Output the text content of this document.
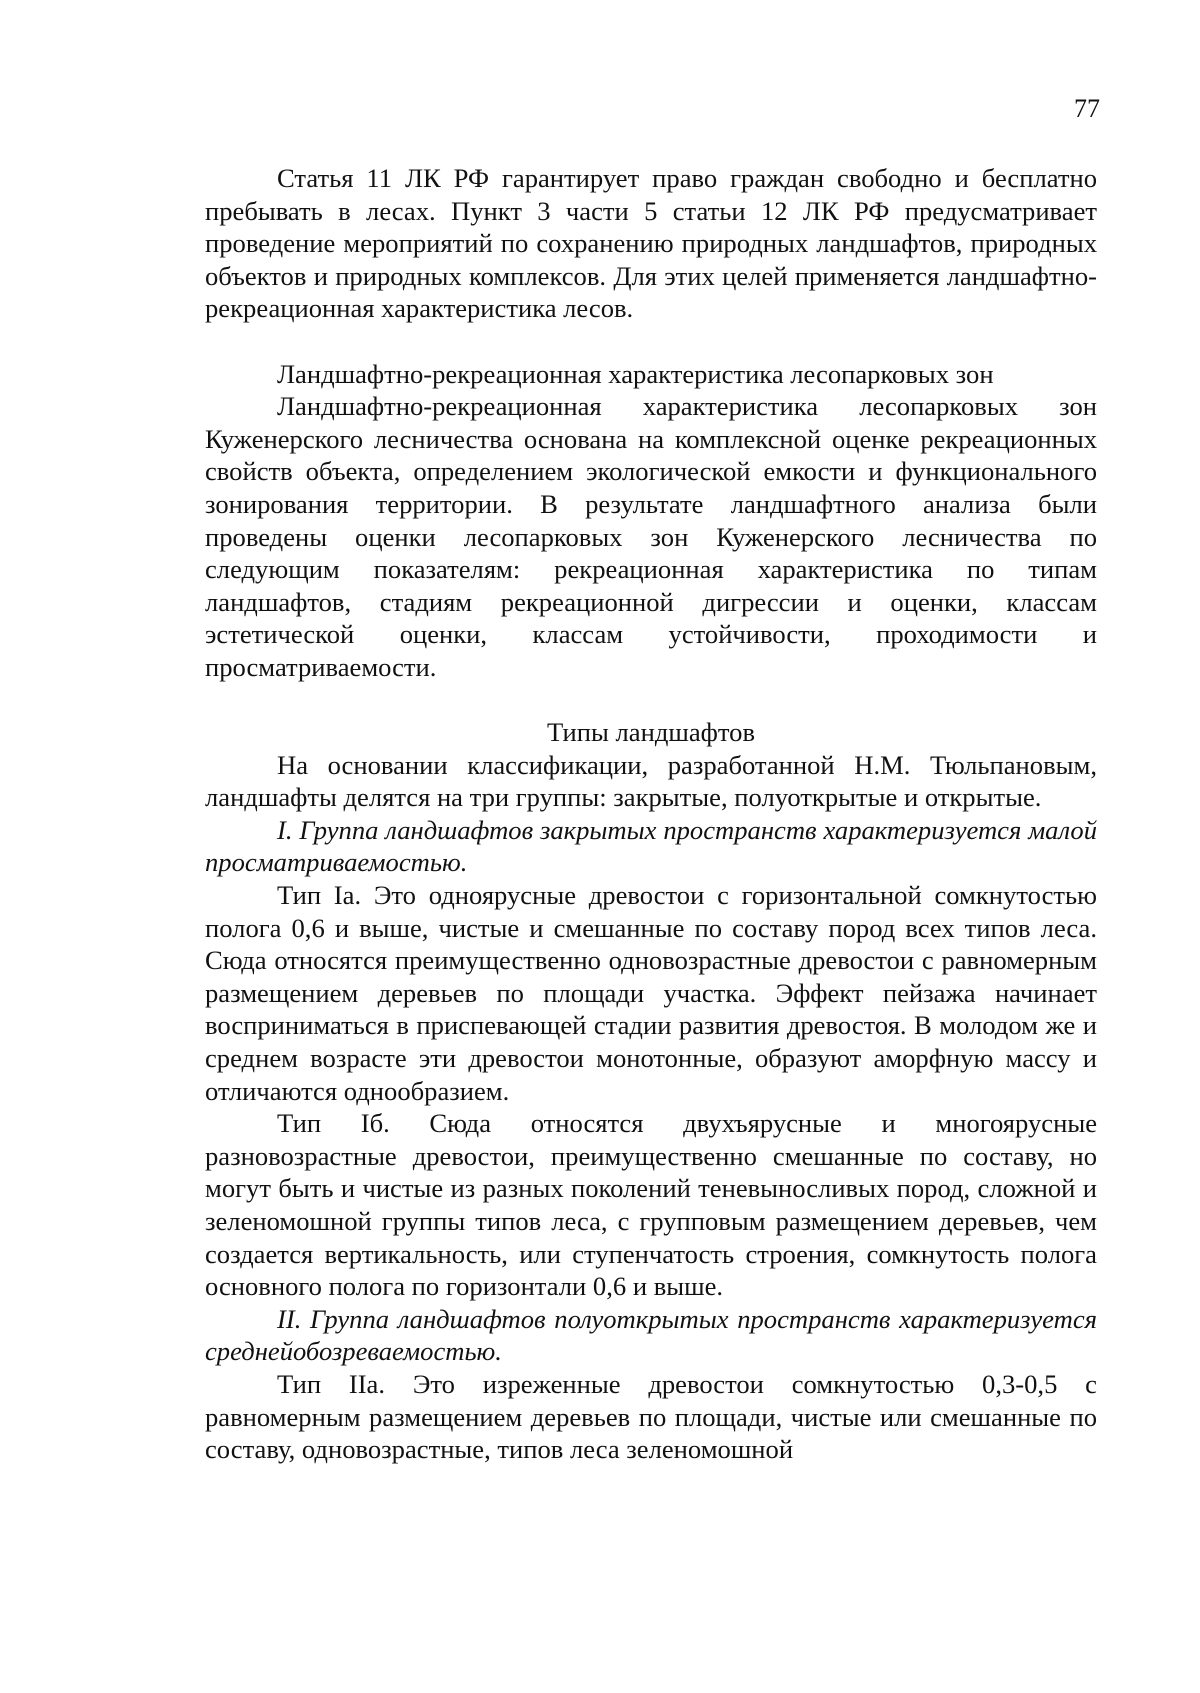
77

Статья 11 ЛК РФ гарантирует право граждан свободно и бесплатно пребывать в лесах. Пункт 3 части 5 статьи 12 ЛК РФ предусматривает проведение мероприятий по сохранению природных ландшафтов, природных объектов и природных комплексов. Для этих целей применяется ландшафтно-рекреационная характеристика лесов.

Ландшафтно-рекреационная характеристика лесопарковых зон

Ландшафтно-рекреационная характеристика лесопарковых зон Куженерского лесничества основана на комплексной оценке рекреационных свойств объекта, определением экологической емкости и функционального зонирования территории. В результате ландшафтного анализа были проведены оценки лесопарковых зон Куженерского лесничества по следующим показателям: рекреационная характеристика по типам ландшафтов, стадиям рекреационной дигрессии и оценки, классам эстетической оценки, классам устойчивости, проходимости и просматриваемости.

Типы ландшафтов

На основании классификации, разработанной Н.М. Тюльпановым, ландшафты делятся на три группы: закрытые, полуоткрытые и открытые.

I. Группа ландшафтов закрытых пространств характеризуется малой просматриваемостью.

Тип Iа. Это одноярусные древостои с горизонтальной сомкнутостью полога 0,6 и выше, чистые и смешанные по составу пород всех типов леса. Сюда относятся преимущественно одновозрастные древостои с равномерным размещением деревьев по площади участка. Эффект пейзажа начинает восприниматься в приспевающей стадии развития древостоя. В молодом же и среднем возрасте эти древостои монотонные, образуют аморфную массу и отличаются однообразием.

Тип Iб. Сюда относятся двухъярусные и многоярусные разновозрастные древостои, преимущественно смешанные по составу, но могут быть и чистые из разных поколений теневыносливых пород, сложной и зеленомошной группы типов леса, с групповым размещением деревьев, чем создается вертикальность, или ступенчатость строения, сомкнутость полога основного полога по горизонтали 0,6 и выше.

II. Группа ландшафтов полуоткрытых пространств характеризуется среднейобозреваемостью.

Тип IIа. Это изреженные древостои сомкнутостью 0,3-0,5 с равномерным размещением деревьев по площади, чистые или смешанные по составу, одновозрастные, типов леса зеленомошной
